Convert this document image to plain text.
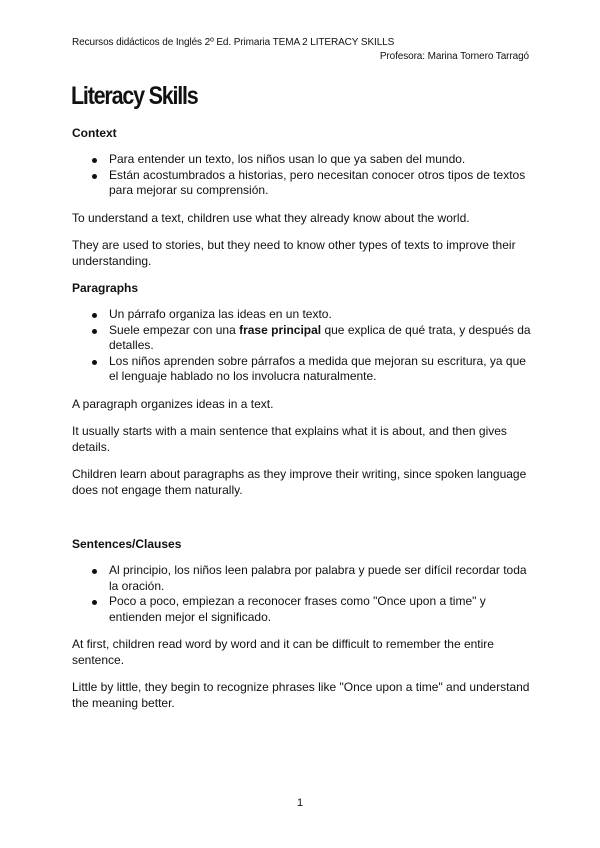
Recursos didácticos de Inglés 2º Ed. Primaria TEMA 2 LITERACY SKILLS
Profesora: Marina Tornero Tarragó
Literacy Skills
Context
Para entender un texto, los niños usan lo que ya saben del mundo.
Están acostumbrados a historias, pero necesitan conocer otros tipos de textos para mejorar su comprensión.

To understand a text, children use what they already know about the world.

They are used to stories, but they need to know other types of texts to improve their understanding.

Paragraphs
Un párrafo organiza las ideas en un texto.
Suele empezar con una frase principal que explica de qué trata, y después da detalles.
Los niños aprenden sobre párrafos a medida que mejoran su escritura, ya que el lenguaje hablado no los involucra naturalmente.

A paragraph organizes ideas in a text.

It usually starts with a main sentence that explains what it is about, and then gives details.

Children learn about paragraphs as they improve their writing, since spoken language does not engage them naturally.

Sentences/Clauses
Al principio, los niños leen palabra por palabra y puede ser difícil recordar toda la oración.
Poco a poco, empiezan a reconocer frases como "Once upon a time" y entienden mejor el significado.

At first, children read word by word and it can be difficult to remember the entire sentence.

Little by little, they begin to recognize phrases like "Once upon a time" and understand the meaning better.

1
